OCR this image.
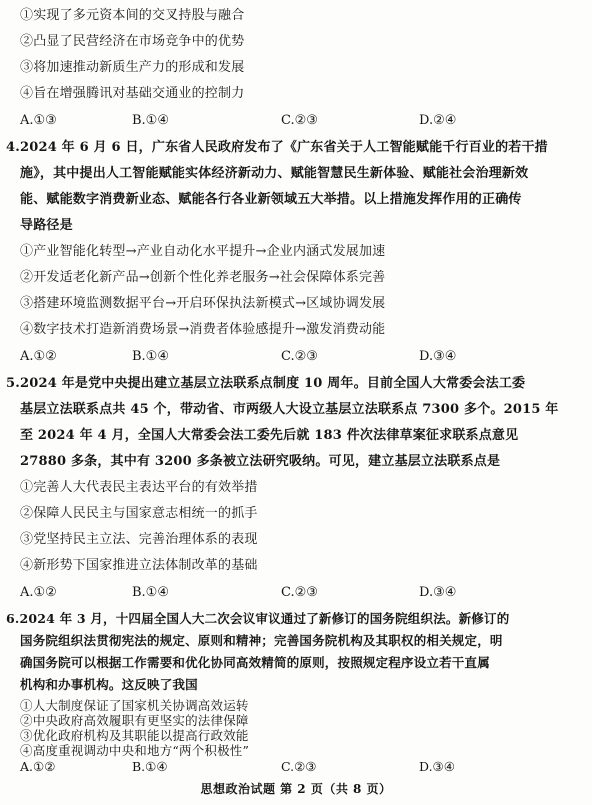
①实现了多元资本间的交叉持股与融合
②凸显了民营经济在市场竞争中的优势
③将加速推动新质生产力的形成和发展
④旨在增强腾讯对基础交通业的控制力
A.①③	B.①④	C.②③	D.②④
4.2024 年 6 月 6 日，广东省人民政府发布了《广东省关于人工智能赋能千行百业的若干措
施》，其中提出人工智能赋能实体经济新动力、赋能智慧民生新体验、赋能社会治理新效
能、赋能数字消费新业态、赋能各行各业新领域五大举措。以上措施发挥作用的正确传
导路径是
①产业智能化转型→产业自动化水平提升→企业内涵式发展加速
②开发适老化新产品→创新个性化养老服务→社会保障体系完善
③搭建环境监测数据平台→开启环保执法新模式→区域协调发展
④数字技术打造新消费场景→消费者体验感提升→激发消费动能
A.①②	B.①④	C.②③	D.③④
5.2024 年是党中央提出建立基层立法联系点制度 10 周年。目前全国人大常委会法工委
基层立法联系点共 45 个，带动省、市两级人大设立基层立法联系点 7300 多个。2015 年
至 2024 年 4 月，全国人大常委会法工委先后就 183 件次法律草案征求联系点意见
27880 多条，其中有 3200 多条被立法研究吸纳。可见，建立基层立法联系点是
①完善人大代表民主表达平台的有效举措
②保障人民民主与国家意志相统一的抓手
③党坚持民主立法、完善治理体系的表现
④新形势下国家推进立法体制改革的基础
A.①②	B.①④	C.②③	D.③④
6.2024 年 3 月，十四届全国人大二次会议审议通过了新修订的国务院组织法。新修订的
国务院组织法贯彻宪法的规定、原则和精神；完善国务院机构及其职权的相关规定，明
确国务院可以根据工作需要和优化协同高效精简的原则，按照规定程序设立若干直属
机构和办事机构。这反映了我国
①人大制度保证了国家机关协调高效运转
②中央政府高效履职有更坚实的法律保障
③优化政府机构及其职能以提高行政效能
④高度重视调动中央和地方“两个积极性”
思想政治试题 第 2 页（共 8 页）
A.①②	B.①④	C.②③	D.③④
